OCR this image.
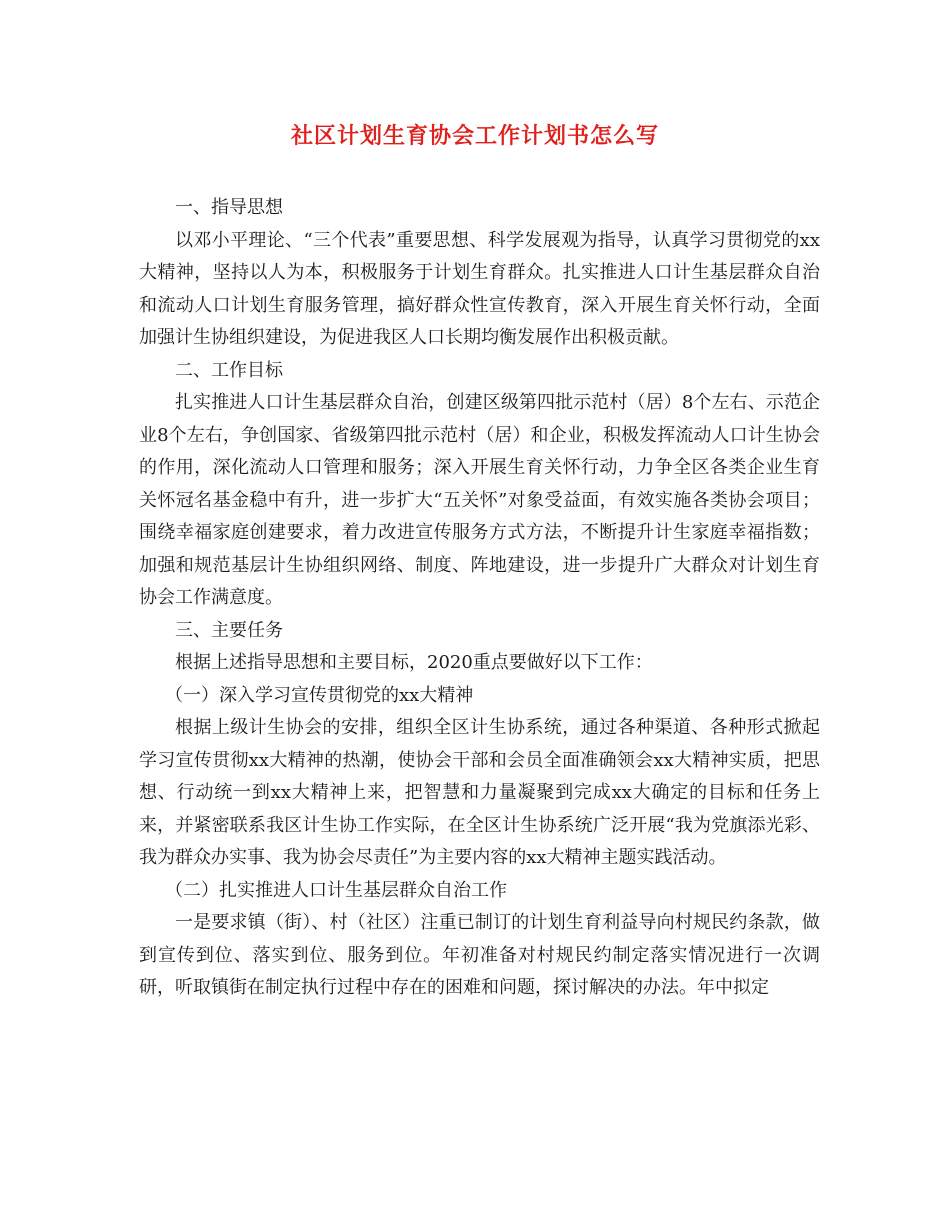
社区计划生育协会工作计划书怎么写

一、指导思想

以邓小平理论、“三个代表”重要思想、科学发展观为指导，认真学习贯彻党的xx大精神，坚持以人为本，积极服务于计划生育群众。扎实推进人口计生基层群众自治和流动人口计划生育服务管理，搞好群众性宣传教育，深入开展生育关怀行动，全面加强计生协组织建设，为促进我区人口长期均衡发展作出积极贡献。

二、工作目标

扎实推进人口计生基层群众自治，创建区级第四批示范村（居）8个左右、示范企业8个左右，争创国家、省级第四批示范村（居）和企业，积极发挥流动人口计生协会的作用，深化流动人口管理和服务；深入开展生育关怀行动，力争全区各类企业生育关怀冠名基金稳中有升，进一步扩大“五关怀”对象受益面，有效实施各类协会项目；围绕幸福家庭创建要求，着力改进宣传服务方式方法，不断提升计生家庭幸福指数；加强和规范基层计生协组织网络、制度、阵地建设，进一步提升广大群众对计划生育协会工作满意度。

三、主要任务

根据上述指导思想和主要目标，2020重点要做好以下工作：

（一）深入学习宣传贯彻党的xx大精神

根据上级计生协会的安排，组织全区计生协系统，通过各种渠道、各种形式掀起学习宣传贯彻xx大精神的热潮，使协会干部和会员全面准确领会xx大精神实质，把思想、行动统一到xx大精神上来，把智慧和力量凝聚到完成xx大确定的目标和任务上来，并紧密联系我区计生协工作实际，在全区计生协系统广泛开展“我为党旗添光彩、我为群众办实事、我为协会尽责任”为主要内容的xx大精神主题实践活动。

（二）扎实推进人口计生基层群众自治工作

一是要求镇（街）、村（社区）注重已制订的计划生育利益导向村规民约条款，做到宣传到位、落实到位、服务到位。年初准备对村规民约制定落实情况进行一次调研，听取镇街在制定执行过程中存在的困难和问题，探讨解决的办法。年中拟定
